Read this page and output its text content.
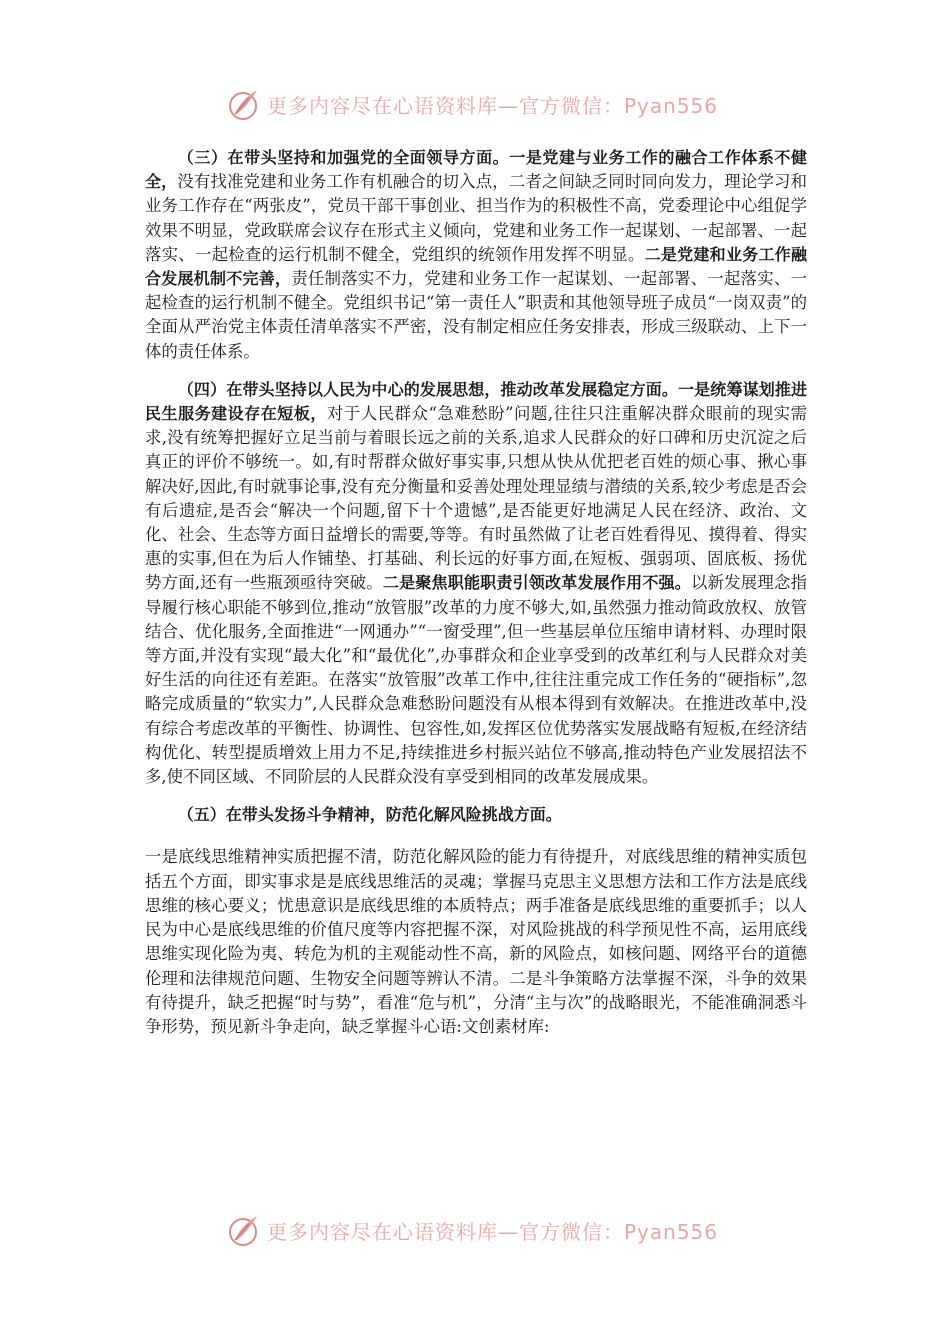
更多内容尽在心语资料库—官方微信：Pyan556

（三）在带头坚持和加强党的全面领导方面。一是党建与业务工作的融合工作体系不健全，没有找准党建和业务工作有机融合的切入点，二者之间缺乏同时同向发力，理论学习和业务工作存在“两张皮”，党员干部干事创业、担当作为的积极性不高，党委理论中心组促学效果不明显，党政联席会议存在形式主义倾向，党建和业务工作一起谋划、一起部署、一起落实、一起检查的运行机制不健全，党组织的统领作用发挥不明显。二是党建和业务工作融合发展机制不完善，责任制落实不力，党建和业务工作一起谋划、一起部署、一起落实、一起检查的运行机制不健全。党组织书记“第一责任人”职责和其他领导班子成员“一岗双责”的全面从严治党主体责任清单落实不严密，没有制定相应任务安排表，形成三级联动、上下一体的责任体系。

（四）在带头坚持以人民为中心的发展思想，推动改革发展稳定方面。一是统筹谋划推进民生服务建设存在短板，对于人民群众“急难愁盼”问题,往往只注重解决群众眼前的现实需求,没有统筹把握好立足当前与着眼长远之前的关系,追求人民群众的好口碑和历史沉淀之后真正的评价不够统一。如,有时帮群众做好事实事,只想从快从优把老百姓的烦心事、揪心事解决好,因此,有时就事论事,没有充分衡量和妥善处理处理显绩与潜绩的关系,较少考虑是否会有后遗症,是否会“解决一个问题,留下十个遗憾”,是否能更好地满足人民在经济、政治、文化、社会、生态等方面日益增长的需要,等等。有时虽然做了让老百姓看得见、摸得着、得实惠的实事,但在为后人作铺垫、打基础、利长远的好事方面,在短板、强弱项、固底板、扬优势方面,还有一些瓶颈亟待突破。二是聚焦职能职责引领改革发展作用不强。以新发展理念指导履行核心职能不够到位,推动“放管服”改革的力度不够大,如,虽然强力推动简政放权、放管结合、优化服务,全面推进“一网通办”“一窗受理”,但一些基层单位压缩申请材料、办理时限等方面,并没有实现“最大化”和“最优化”,办事群众和企业享受到的改革红利与人民群众对美好生活的向往还有差距。在落实“放管服”改革工作中,往往注重完成工作任务的“硬指标”,忽略完成质量的“软实力”,人民群众急难愁盼问题没有从根本得到有效解决。在推进改革中,没有综合考虑改革的平衡性、协调性、包容性,如,发挥区位优势落实发展战略有短板,在经济结构优化、转型提质增效上用力不足,持续推进乡村振兴站位不够高,推动特色产业发展招法不多,使不同区域、不同阶层的人民群众没有享受到相同的改革发展成果。

（五）在带头发扬斗争精神，防范化解风险挑战方面。

一是底线思维精神实质把握不清，防范化解风险的能力有待提升，对底线思维的精神实质包括五个方面，即实事求是是底线思维活的灵魂；掌握马克思主义思想方法和工作方法是底线思维的核心要义；忧患意识是底线思维的本质特点；两手准备是底线思维的重要抓手；以人民为中心是底线思维的价值尺度等内容把握不深，对风险挑战的科学预见性不高，运用底线思维实现化险为夷、转危为机的主观能动性不高，新的风险点，如核问题、网络平台的道德伦理和法律规范问题、生物安全问题等辨认不清。二是斗争策略方法掌握不深，斗争的效果有待提升，缺乏把握“时与势”，看准“危与机”，分清“主与次”的战略眼光，不能准确洞悉斗争形势，预见新斗争走向，缺乏掌握斗心语:文创素材库:

更多内容尽在心语资料库—官方微信：Pyan556
